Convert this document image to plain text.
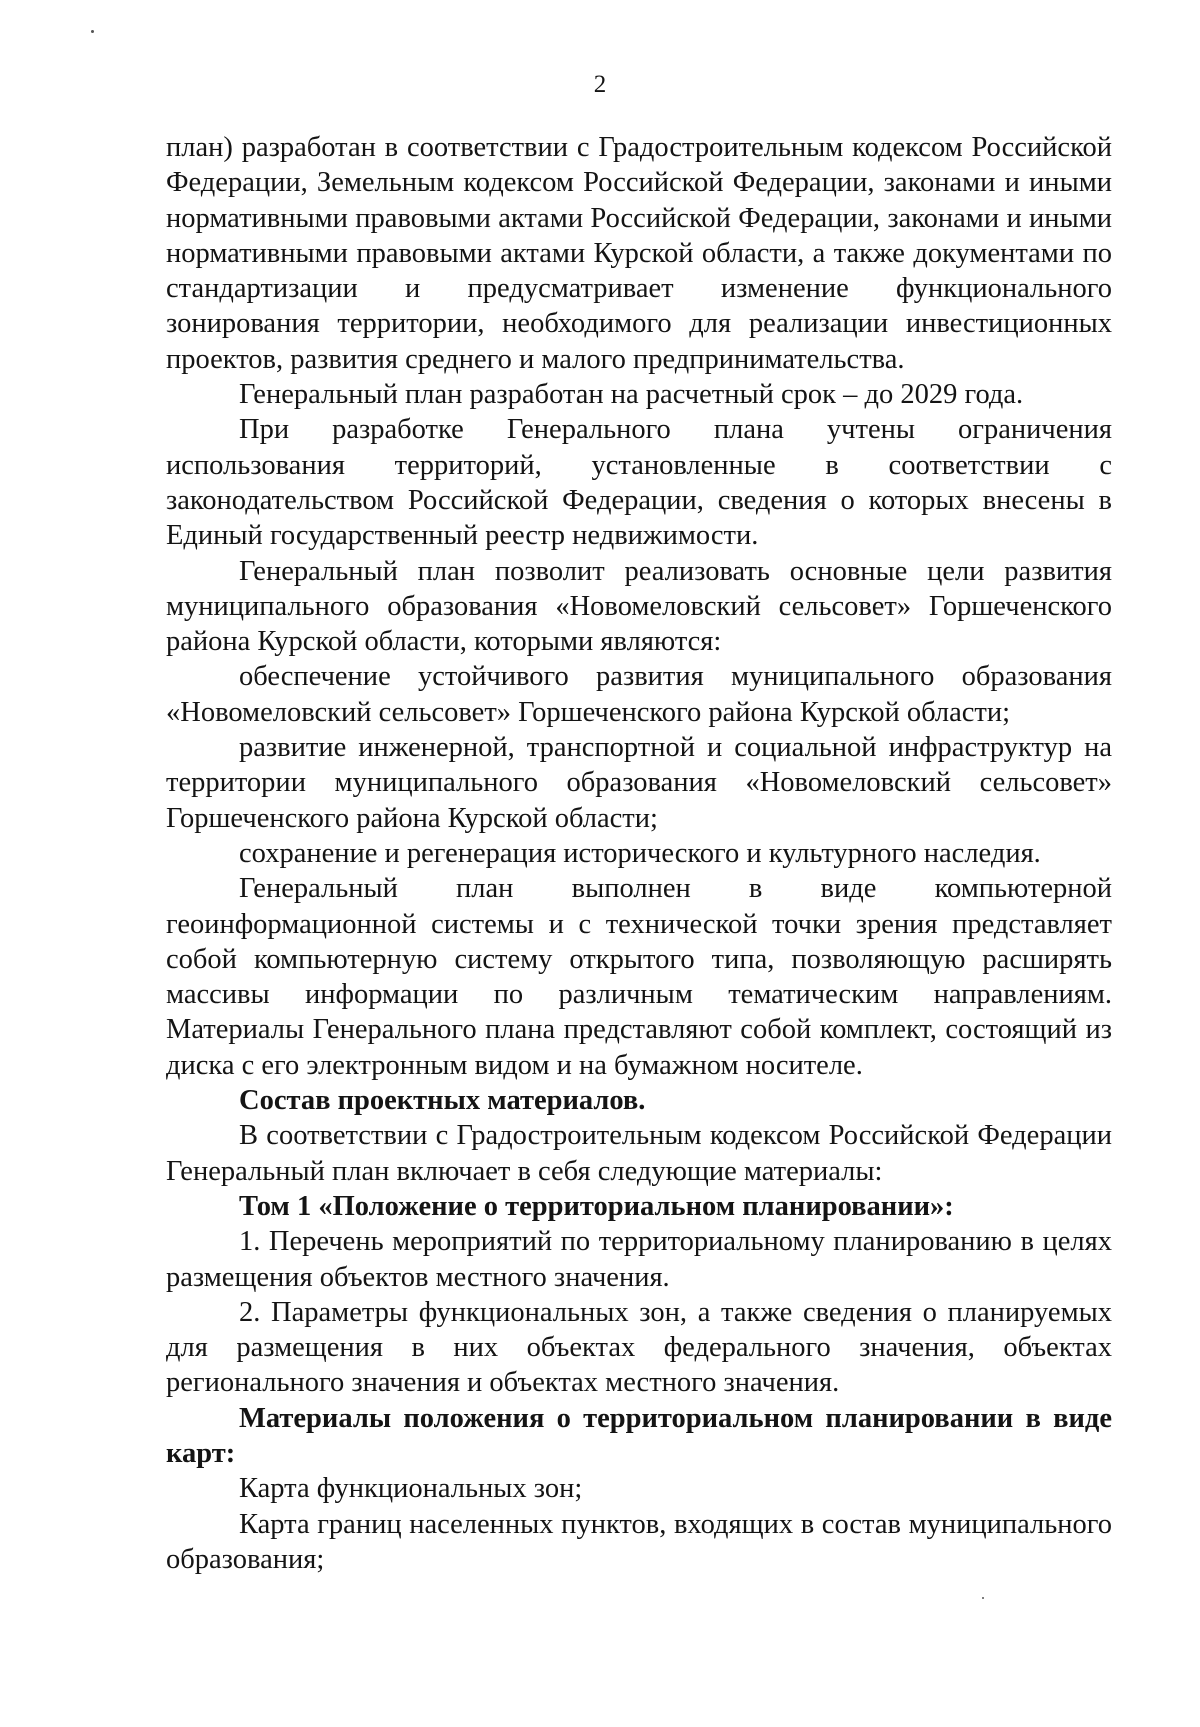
2

план) разработан в соответствии с Градостроительным кодексом Российской Федерации, Земельным кодексом Российской Федерации, законами и иными нормативными правовыми актами Российской Федерации, законами и иными нормативными правовыми актами Курской области, а также документами по стандартизации и предусматривает изменение функционального зонирования территории, необходимого для реализации инвестиционных проектов, развития среднего и малого предпринимательства.

Генеральный план разработан на расчетный срок – до 2029 года.

При разработке Генерального плана учтены ограничения использования территорий, установленные в соответствии с законодательством Российской Федерации, сведения о которых внесены в Единый государственный реестр недвижимости.

Генеральный план позволит реализовать основные цели развития муниципального образования «Новомеловский сельсовет» Горшеченского района Курской области, которыми являются:

обеспечение устойчивого развития муниципального образования «Новомеловский сельсовет» Горшеченского района Курской области;

развитие инженерной, транспортной и социальной инфраструктур на территории муниципального образования «Новомеловский сельсовет» Горшеченского района Курской области;

сохранение и регенерация исторического и культурного наследия.

Генеральный план выполнен в виде компьютерной геоинформационной системы и с технической точки зрения представляет собой компьютерную систему открытого типа, позволяющую расширять массивы информации по различным тематическим направлениям. Материалы Генерального плана представляют собой комплект, состоящий из диска с его электронным видом и на бумажном носителе.

Состав проектных материалов.

В соответствии с Градостроительным кодексом Российской Федерации Генеральный план включает в себя следующие материалы:

Том 1 «Положение о территориальном планировании»:

1. Перечень мероприятий по территориальному планированию в целях размещения объектов местного значения.

2. Параметры функциональных зон, а также сведения о планируемых для размещения в них объектах федерального значения, объектах регионального значения и объектах местного значения.

Материалы положения о территориальном планировании в виде карт:

Карта функциональных зон;

Карта границ населенных пунктов, входящих в состав муниципального образования;
